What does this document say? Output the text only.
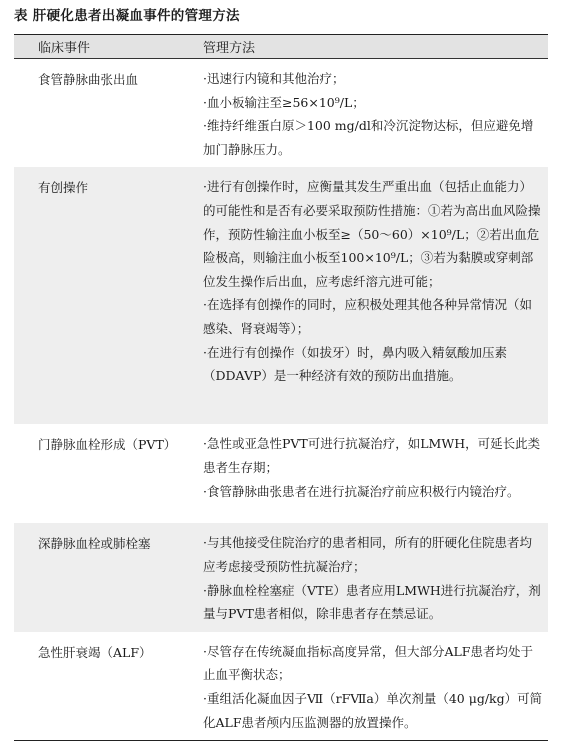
表 肝硬化患者出凝血事件的管理方法
临床事件	管理方法
食管静脉曲张出血	·迅速行内镜和其他治疗；
·血小板输注至≥56×10⁹/L；
·维持纤维蛋白原＞100 mg/dl和冷沉淀物达标，但应避免增加门静脉压力。

有创操作	·进行有创操作时，应衡量其发生严重出血（包括止血能力）的可能性和是否有必要采取预防性措施：①若为高出血风险操作，预防性输注血小板至≥（50～60）×10⁹/L；②若出血危险极高，则输注血小板至100×10⁹/L；③若为黏膜或穿刺部位发生操作后出血，应考虑纤溶亢进可能；
·在选择有创操作的同时，应积极处理其他各种异常情况（如感染、肾衰竭等）；
·在进行有创操作（如拔牙）时，鼻内吸入精氨酸加压素（DDAVP）是一种经济有效的预防出血措施。

门静脉血栓形成（PVT）	·急性或亚急性PVT可进行抗凝治疗，如LMWH，可延长此类患者生存期；
·食管静脉曲张患者在进行抗凝治疗前应积极行内镜治疗。

深静脉血栓或肺栓塞	·与其他接受住院治疗的患者相同，所有的肝硬化住院患者均应考虑接受预防性抗凝治疗；
·静脉血栓栓塞症（VTE）患者应用LMWH进行抗凝治疗，剂量与PVT患者相似，除非患者存在禁忌证。

急性肝衰竭（ALF）	·尽管存在传统凝血指标高度异常，但大部分ALF患者均处于止血平衡状态；
·重组活化凝血因子Ⅶ（rFⅦa）单次剂量（40 μg/kg）可简化ALF患者颅内压监测器的放置操作。
